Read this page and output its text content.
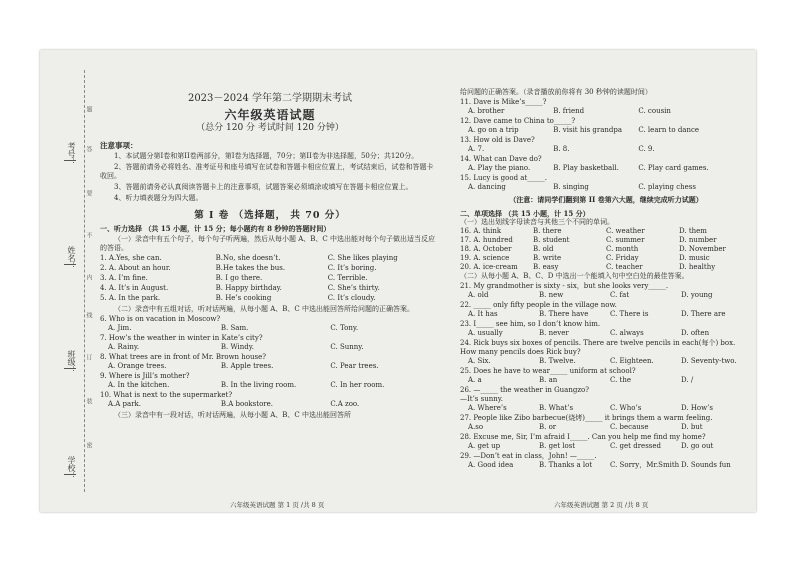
考号：
姓名：
班级：
学校：
题
答
要
不
内
线
订
装
密
2023－2024 学年第二学期期末考试
六年级英语试题
（总分 120 分 考试时间 120 分钟）
注意事项：
1、本试题分第I卷和第II卷两部分，第I卷为选择题，70分；第II卷为非选择题，50分；共120分。
2、答题前请务必将姓名、准考证号和座号填写在试卷和答题卡相应位置上，考试结束后，试卷和答题卡收回。
3、答题前请务必认真阅读答题卡上的注意事项，试题答案必须填涂或填写在答题卡相应位置上。
4、听力填表题分为四大题。
第 I 卷 （选择题， 共 70 分）
一、听力选择 （共 15 小题，计 15 分；每小题约有 8 秒钟的答题时间）
（一）录音中有五个句子，每个句子听两遍，然后从每小题 A、B、C 中选出能对每个句子做出适当反应的答语。
1. A.Yes, she can.	B.No, she doesn’t.	C. She likes playing
2. A. About an hour.	B.He takes the bus.	C. It’s boring.
3. A. I’m fine.	B. I go there.	C. Terrible.
4. A. It’s in August.	B. Happy birthday.	C. She’s thirty.
5. A. In the park.	B. He’s cooking	C. It’s cloudy.
（二）录音中有五组对话，听对话两遍，从每小题 A、B、C 中选出能回答所给问题的正确答案。
6. Who is on vacation in Moscow?
A. Jim.	B. Sam.	C. Tony.
7. How’s the weather in winter in Kate’s city?
A. Rainy.	B. Windy.	C. Sunny.
8. What trees are in front of Mr. Brown house?
A. Orange trees.	B. Apple trees.	C. Pear trees.
9. Where is Jill’s mother?
A. In the kitchen.	B. In the living room.	C. In her room.
10. What is next to the supermarket?
A.A park.	B.A bookstore.	C.A zoo.
（三）录音中有一段对话，听对话两遍，从每小题 A、B、C 中选出能回答所
六年级英语试题 第 1 页 /共 8 页
给问题的正确答案。（录音播放前你将有 30 秒钟的读题时间）
11. Dave is Mike’s_____?
A. brother	B. friend	C. cousin
12. Dave came to China to_____?
A. go on a trip	B. visit his grandpa	C. learn to dance
13. How old is Dave?
A. 7.	B. 8.	C. 9.
14. What can Dave do?
A. Play the piano.	B. Play basketball.	C. Play card games.
15. Lucy is good at_____.
A. dancing	B. singing	C. playing chess
（注意：请同学们翻到第 II 卷第六大题，继续完成听力试题）
二、单项选择 （共 15 小题，计 15 分）
（一）选出划线字母读音与其他三个不同的单词。
16. A. think	B. there	C. weather	D. them
17. A. hundred	B. student	C. summer	D. number
18. A. October	B. old	C. month	D. November
19. A. science	B. write	C. Friday	D. music
20. A. ice-cream	B. easy	C. teacher	D. healthy
（二）从每小题 A、B、C、D 中选出一个能填入句中空白处的最佳答案。
21. My grandmother is sixty - six，but she looks very_____.
A. old	B. new	C. fat	D. young
22. _____ only fifty people in the village now.
A. It has	B. There have	C. There is	D. There are
23. I_____ see him, so I don’t know him.
A. usually	B. never	C. always	D. often
24. Rick buys six boxes of pencils. There are twelve pencils in each(每个) box. How many pencils does Rick buy?
A. Six.	B. Twelve.	C. Eighteen.	D. Seventy-two.
25. Does he have to wear_____ uniform at school?
A. a	B. an	C. the	D. /
26. —_____ the weather in Guangzo?
—It’s sunny.
A. Where’s	B. What’s	C. Who’s	D. How’s
27. People like Zibo barbecue(烧烤)_____ it brings them a warm feeling.
A.so	B. or	C. because	D. but
28. Excuse me, Sir, I’m afraid I_____. Can you help me find my home?
A. get up	B. get lost	C. get dressed	D. go out
29. —Don’t eat in class，John! —_____.
A. Good idea	B. Thanks a lot	C. Sorry，Mr.Smith D. Sounds fun
六年级英语试题 第 2 页 /共 8 页
